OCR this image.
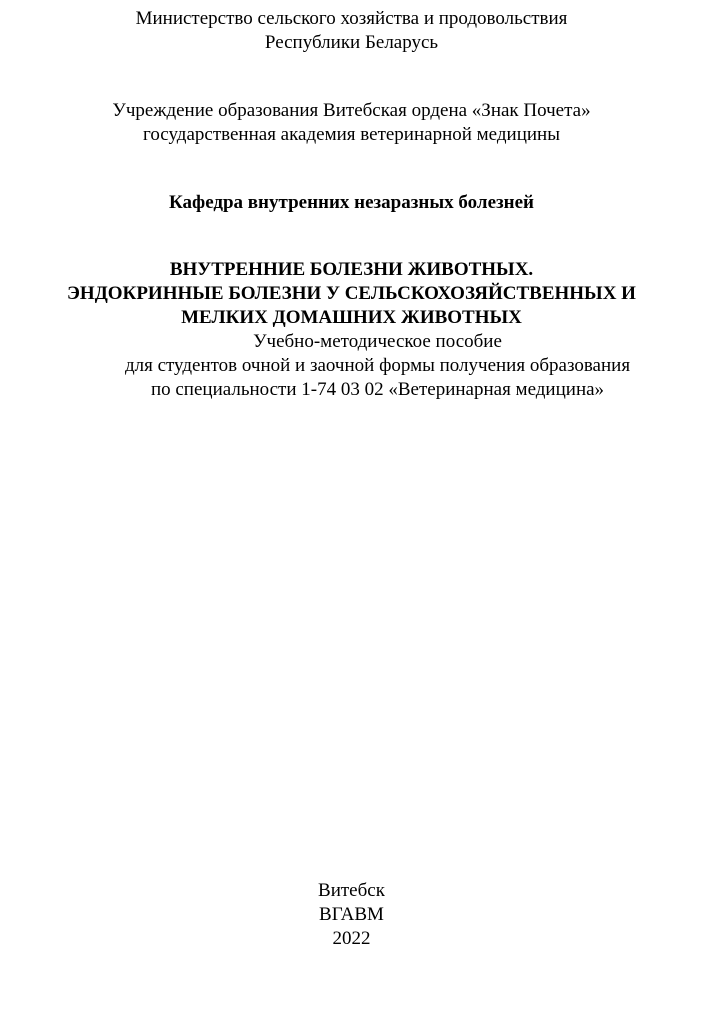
Министерство сельского хозяйства и продовольствия
Республики Беларусь
Учреждение образования Витебская ордена «Знак Почета»
государственная академия ветеринарной медицины
Кафедра внутренних незаразных болезней
ВНУТРЕННИЕ БОЛЕЗНИ ЖИВОТНЫХ.
ЭНДОКРИННЫЕ БОЛЕЗНИ У СЕЛЬСКОХОЗЯЙСТВЕННЫХ И
МЕЛКИХ ДОМАШНИХ ЖИВОТНЫХ
Учебно-методическое пособие
для студентов очной и заочной формы получения образования
по специальности 1-74 03 02 «Ветеринарная медицина»
Витебск
ВГАВМ
2022
